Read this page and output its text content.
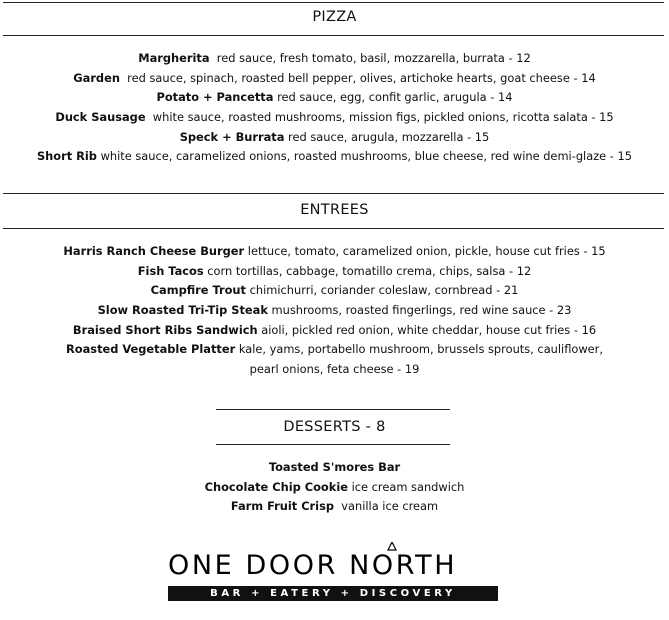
PIZZA
Margherita  red sauce, fresh tomato, basil, mozzarella, burrata - 12
Garden  red sauce, spinach, roasted bell pepper, olives, artichoke hearts, goat cheese - 14
Potato + Pancetta red sauce, egg, confit garlic, arugula - 14
Duck Sausage  white sauce, roasted mushrooms, mission figs, pickled onions, ricotta salata - 15
Speck + Burrata red sauce, arugula, mozzarella - 15
Short Rib white sauce, caramelized onions, roasted mushrooms, blue cheese, red wine demi-glaze - 15
ENTREES
Harris Ranch Cheese Burger lettuce, tomato, caramelized onion, pickle, house cut fries - 15
Fish Tacos corn tortillas, cabbage, tomatillo crema, chips, salsa - 12
Campfire Trout chimichurri, coriander coleslaw, cornbread - 21
Slow Roasted Tri-Tip Steak mushrooms, roasted fingerlings, red wine sauce - 23
Braised Short Ribs Sandwich aioli, pickled red onion, white cheddar, house cut fries - 16
Roasted Vegetable Platter kale, yams, portabello mushroom, brussels sprouts, cauliflower,
pearl onions, feta cheese - 19
DESSERTS - 8
Toasted S'mores Bar
Chocolate Chip Cookie ice cream sandwich
Farm Fruit Crisp  vanilla ice cream
ONE DOOR NORTH
BAR + EATERY + DISCOVERY
